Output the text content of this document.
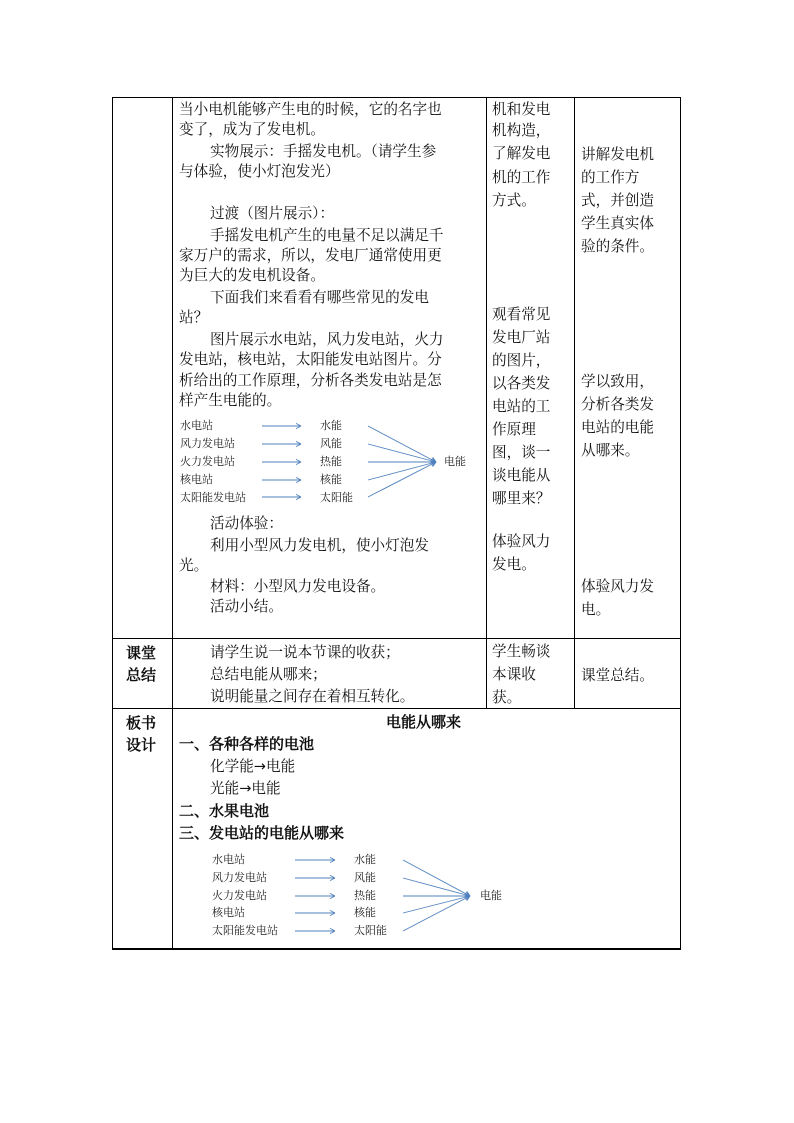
当小电机能够产生电的时候，它的名字也
变了，成为了发电机。
实物展示：手摇发电机。（请学生参
与体验，使小灯泡发光）
过渡（图片展示）：
手摇发电机产生的电量不足以满足千
家万户的需求，所以，发电厂通常使用更
为巨大的发电机设备。
下面我们来看看有哪些常见的发电
站？
图片展示水电站，风力发电站，火力
发电站，核电站，太阳能发电站图片。分
析给出的工作原理，分析各类发电站是怎
样产生电能的。
水电站
风力发电站
火力发电站
核电站
太阳能发电站
水能
风能
热能
核能
太阳能
电能
活动体验：
利用小型风力发电机，使小灯泡发
光。
材料：小型风力发电设备。
活动小结。
机和发电
机构造，
了解发电
机的工作
方式。
观看常见
发电厂站
的图片，
以各类发
电站的工
作原理
图，谈一
谈电能从
哪里来？
体验风力
发电。
讲解发电机
的工作方
式，并创造
学生真实体
验的条件。
学以致用，
分析各类发
电站的电能
从哪来。
体验风力发
电。
课堂
总结
请学生说一说本节课的收获；
总结电能从哪来；
说明能量之间存在着相互转化。
学生畅谈
本课收
获。
课堂总结。
板书
设计
电能从哪来
一、各种各样的电池
化学能→电能
光能→电能
二、水果电池
三、发电站的电能从哪来
水电站
风力发电站
火力发电站
核电站
太阳能发电站
水能
风能
热能
核能
太阳能
电能
